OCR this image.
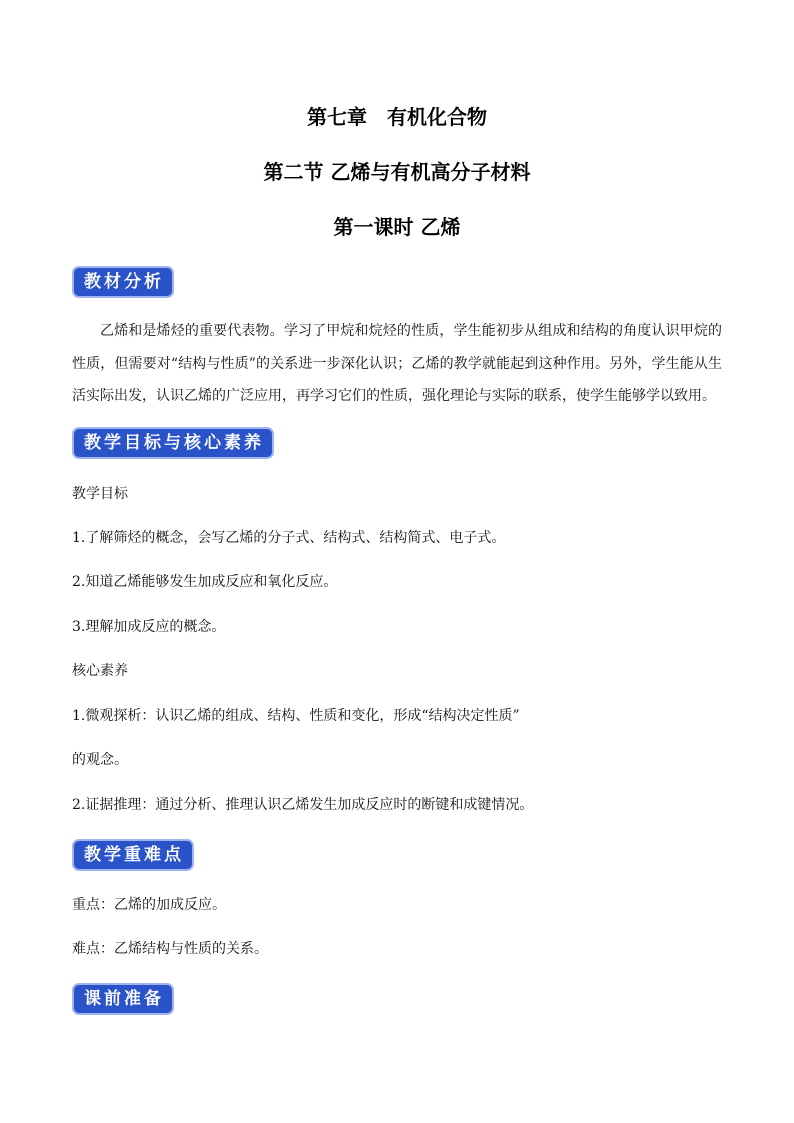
第七章　有机化合物
第二节 乙烯与有机高分子材料
第一课时 乙烯
教材分析

乙烯和是烯烃的重要代表物。学习了甲烷和烷烃的性质，学生能初步从组成和结构的角度认识甲烷的性质，但需要对“结构与性质”的关系进一步深化认识；乙烯的教学就能起到这种作用。另外，学生能从生活实际出发，认识乙烯的广泛应用，再学习它们的性质，强化理论与实际的联系，使学生能够学以致用。

教学目标与核心素养

教学目标

1.了解筛烃的概念，会写乙烯的分子式、结构式、结构简式、电子式。

2.知道乙烯能够发生加成反应和氧化反应。

3.理解加成反应的概念。

核心素养

1.微观探析：认识乙烯的组成、结构、性质和变化，形成“结构决定性质”

的观念。

2.证据推理：通过分析、推理认识乙烯发生加成反应时的断键和成键情况。

教学重难点

重点：乙烯的加成反应。

难点：乙烯结构与性质的关系。

课前准备
